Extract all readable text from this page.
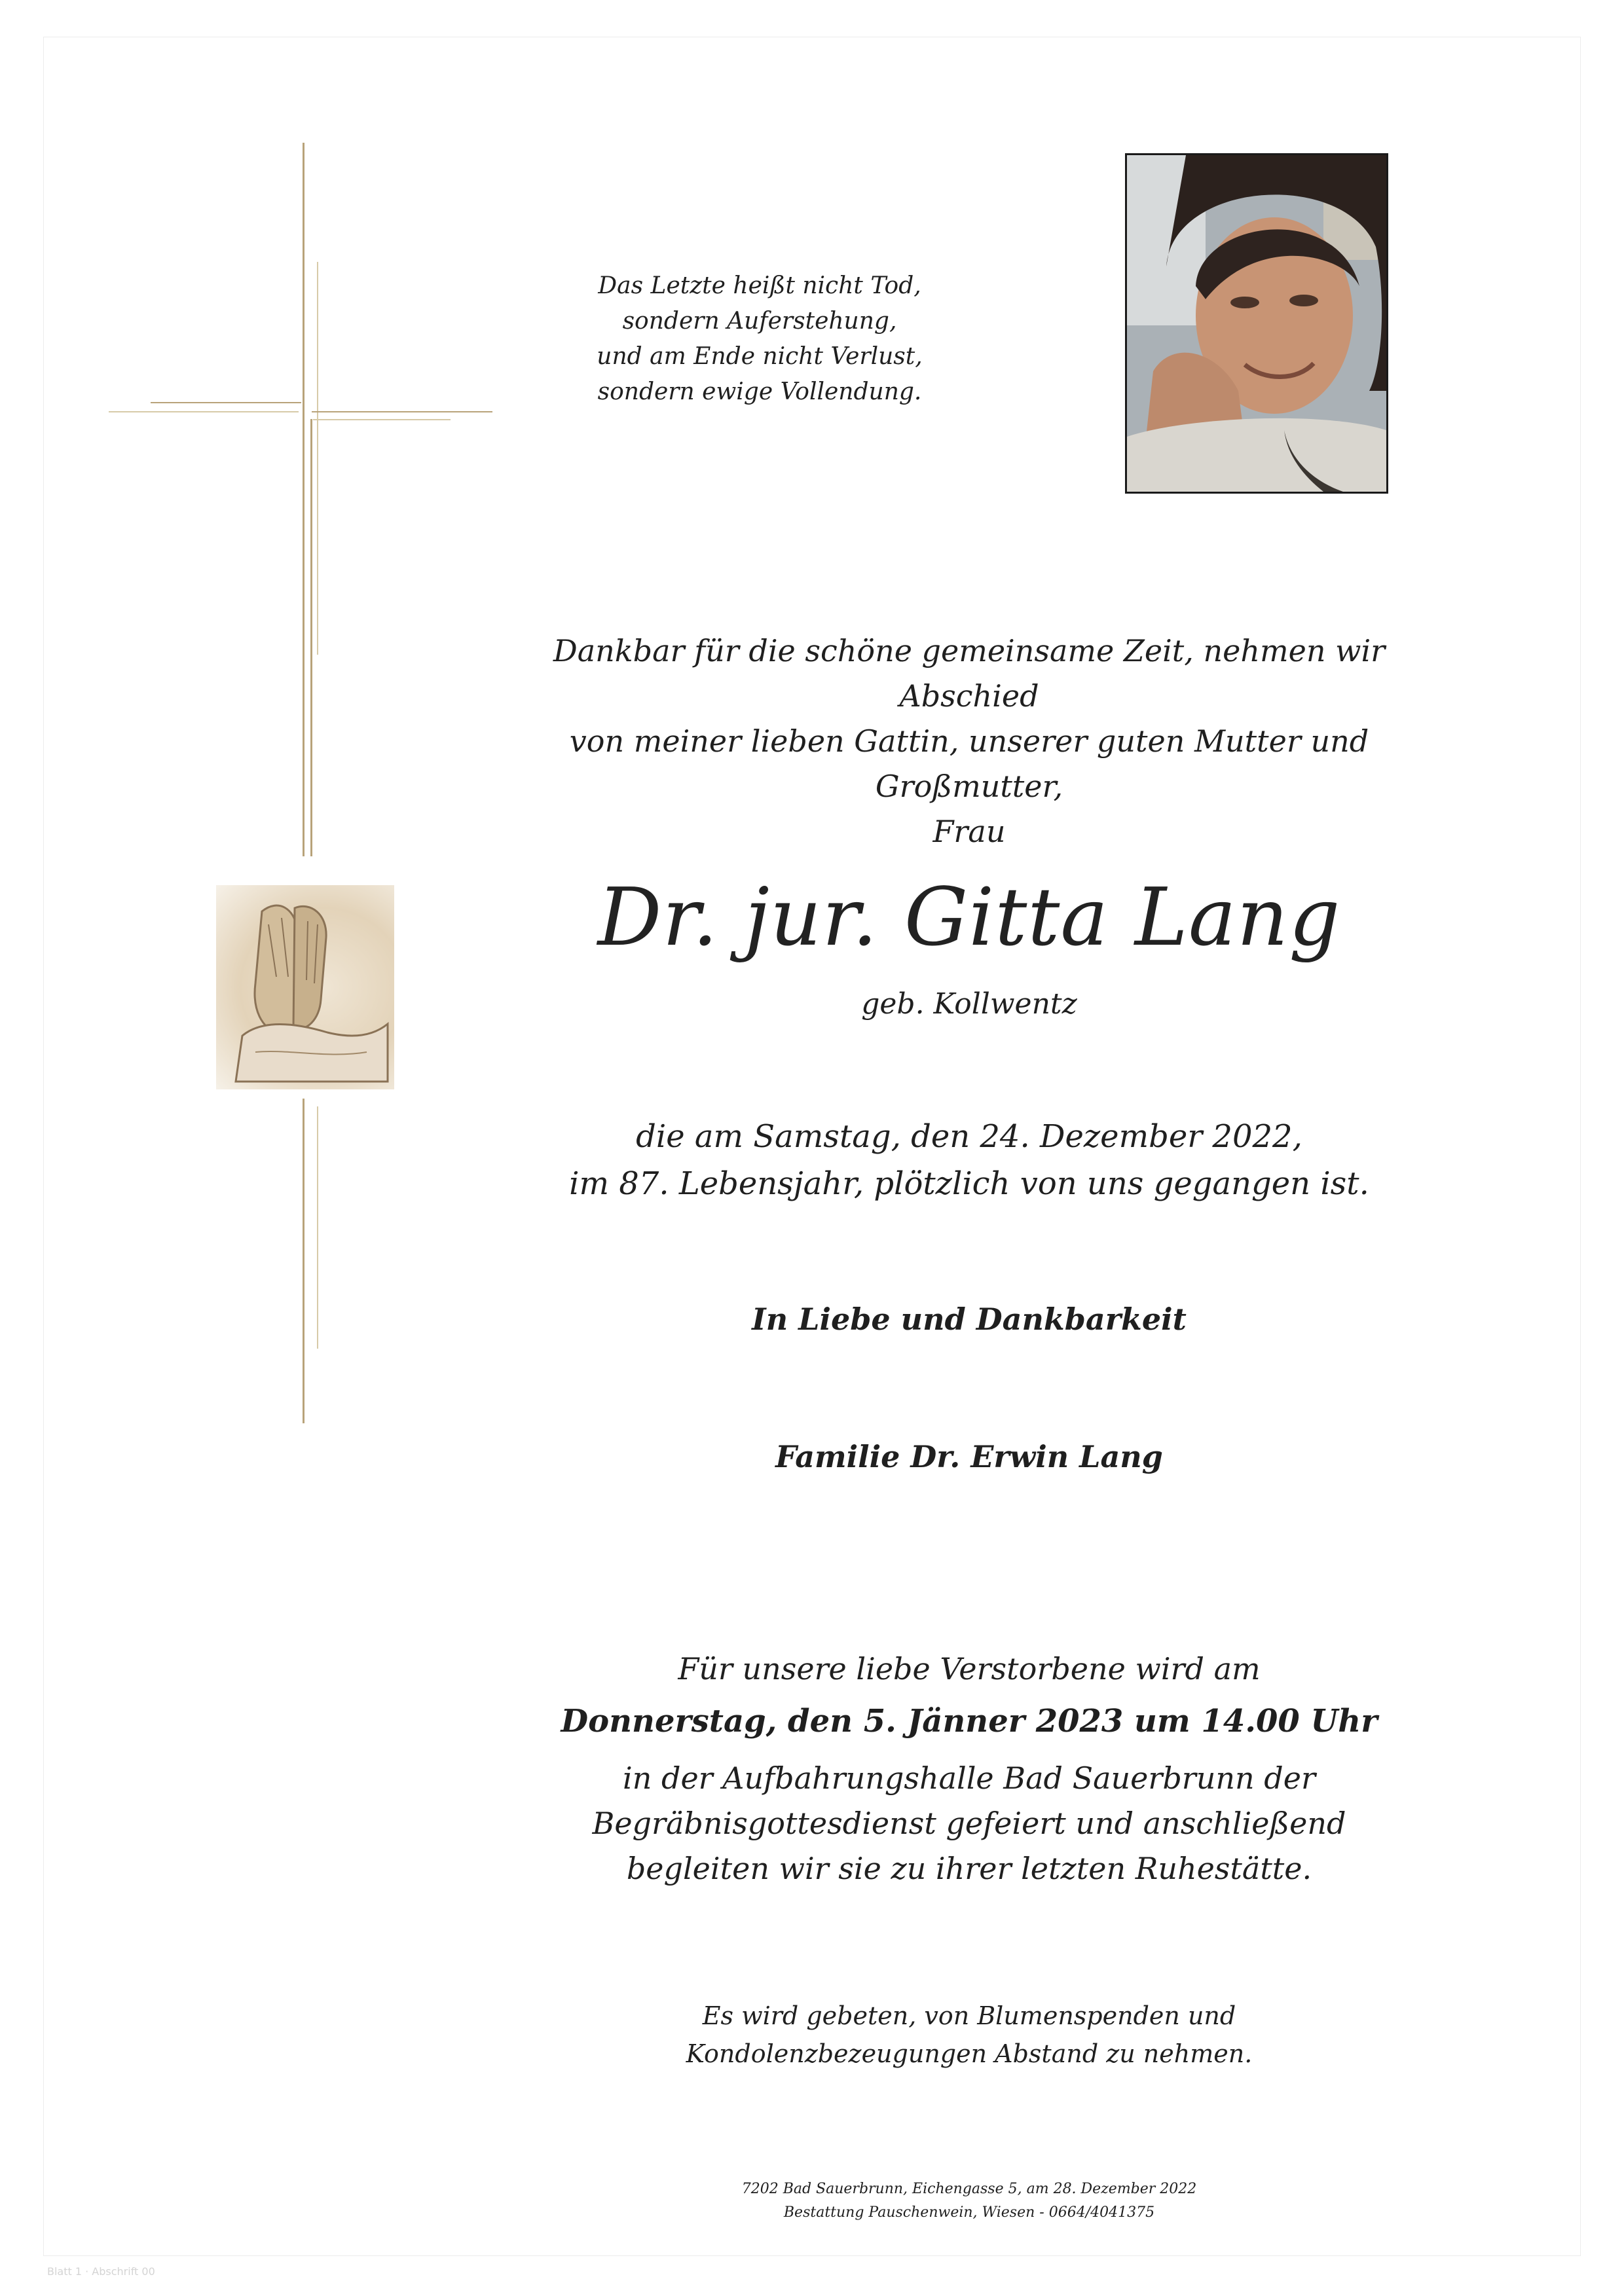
Das Letzte heißt nicht Tod,
sondern Auferstehung,
und am Ende nicht Verlust,
sondern ewige Vollendung.
Dankbar für die schöne gemeinsame Zeit, nehmen wir Abschied
von meiner lieben Gattin, unserer guten Mutter und Großmutter,
Frau
Dr. jur. Gitta Lang
geb. Kollwentz
die am Samstag, den 24. Dezember 2022,
im 87. Lebensjahr, plötzlich von uns gegangen ist.
In Liebe und Dankbarkeit
Familie Dr. Erwin Lang
Für unsere liebe Verstorbene wird am
Donnerstag, den 5. Jänner 2023 um 14.00 Uhr
in der Aufbahrungshalle Bad Sauerbrunn der
Begräbnisgottesdienst gefeiert und anschließend
begleiten wir sie zu ihrer letzten Ruhestätte.
Es wird gebeten, von Blumenspenden und
Kondolenzbezeugungen Abstand zu nehmen.
7202 Bad Sauerbrunn, Eichengasse 5, am 28. Dezember 2022
Bestattung Pauschenwein, Wiesen - 0664/4041375
Blatt 1 · Abschrift 00
